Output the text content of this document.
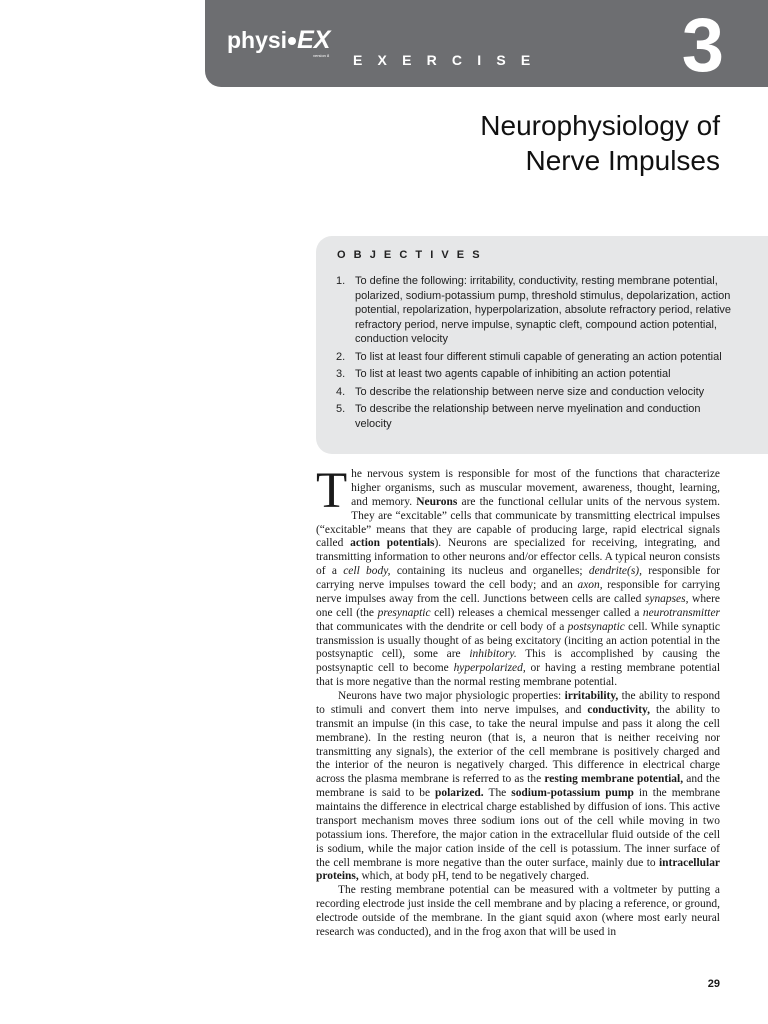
physi EX
version 8 EXERCISE 3
Neurophysiology of
Nerve Impulses
OBJECTIVES
1. To define the following: irritability, conductivity, resting membrane potential, polarized, sodium-potassium pump, threshold stimulus, depolarization, action potential, repolarization, hyperpolarization, absolute refractory period, relative refractory period, nerve impulse, synaptic cleft, compound action potential, conduction velocity
2. To list at least four different stimuli capable of generating an action potential
3. To list at least two agents capable of inhibiting an action potential
4. To describe the relationship between nerve size and conduction velocity
5. To describe the relationship between nerve myelination and conduction velocity

The nervous system is responsible for most of the functions that characterize higher organisms, such as muscular movement, awareness, thought, learning, and memory. Neurons are the functional cellular units of the nervous system. They are “excitable” cells that communicate by transmitting electrical impulses (“excitable” means that they are capable of producing large, rapid electrical signals called action potentials). Neurons are specialized for receiving, integrating, and transmitting information to other neurons and/or effector cells. A typical neuron consists of a cell body, containing its nucleus and organelles; dendrite(s), responsible for carrying nerve impulses toward the cell body; and an axon, responsible for carrying nerve impulses away from the cell. Junctions between cells are called synapses, where one cell (the presynaptic cell) releases a chemical messenger called a neurotransmitter that communicates with the dendrite or cell body of a postsynaptic cell. While synaptic transmission is usually thought of as being excitatory (inciting an action potential in the postsynaptic cell), some are inhibitory. This is accomplished by causing the postsynaptic cell to become hyperpolarized, or having a resting membrane potential that is more negative than the normal resting membrane potential.

Neurons have two major physiologic properties: irritability, the ability to respond to stimuli and convert them into nerve impulses, and conductivity, the ability to transmit an impulse (in this case, to take the neural impulse and pass it along the cell membrane). In the resting neuron (that is, a neuron that is neither receiving nor transmitting any signals), the exterior of the cell membrane is positively charged and the interior of the neuron is negatively charged. This difference in electrical charge across the plasma membrane is referred to as the resting membrane potential, and the membrane is said to be polarized. The sodium-potassium pump in the membrane maintains the difference in electrical charge established by diffusion of ions. This active transport mechanism moves three sodium ions out of the cell while moving in two potassium ions. Therefore, the major cation in the extracellular fluid outside of the cell is sodium, while the major cation inside of the cell is potassium. The inner surface of the cell membrane is more negative than the outer surface, mainly due to intracellular proteins, which, at body pH, tend to be negatively charged.

The resting membrane potential can be measured with a voltmeter by putting a recording electrode just inside the cell membrane and by placing a reference, or ground, electrode outside of the membrane. In the giant squid axon (where most early neural research was conducted), and in the frog axon that will be used in

29
